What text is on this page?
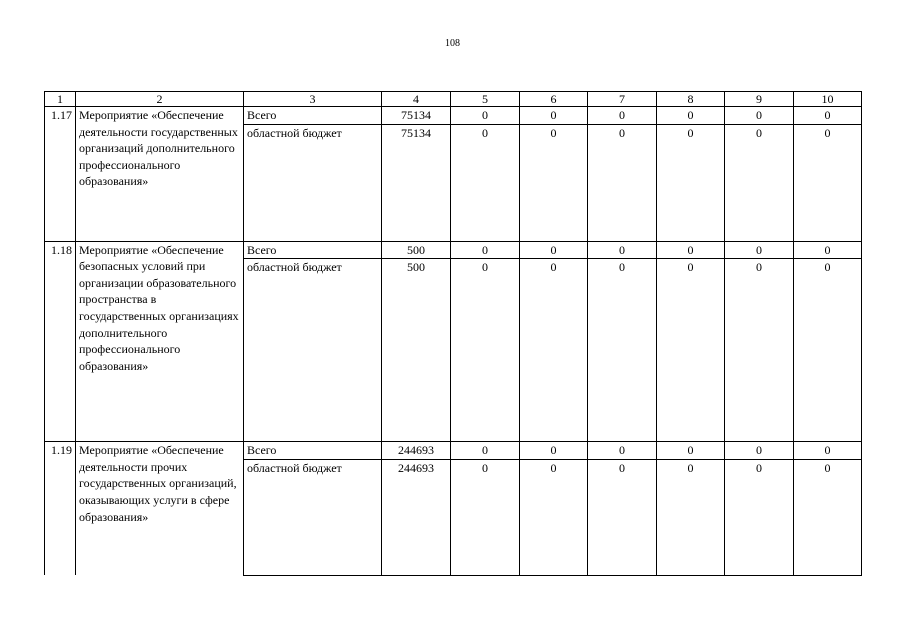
108
1	2	3	4	5	6	7	8	9	10
1.17	Мероприятие «Обеспечение деятельности государственных организаций дополнительного профессионального образования»	Всего	75134	0	0	0	0	0	0
		областной бюджет	75134	0	0	0	0	0	0
1.18	Мероприятие «Обеспечение безопасных условий при организации образовательного пространства в государственных организациях дополнительного профессионального образования»	Всего	500	0	0	0	0	0	0
		областной бюджет	500	0	0	0	0	0	0
1.19	Мероприятие «Обеспечение деятельности прочих государственных организаций, оказывающих услуги в сфере образования»	Всего	244693	0	0	0	0	0	0
		областной бюджет	244693	0	0	0	0	0	0
